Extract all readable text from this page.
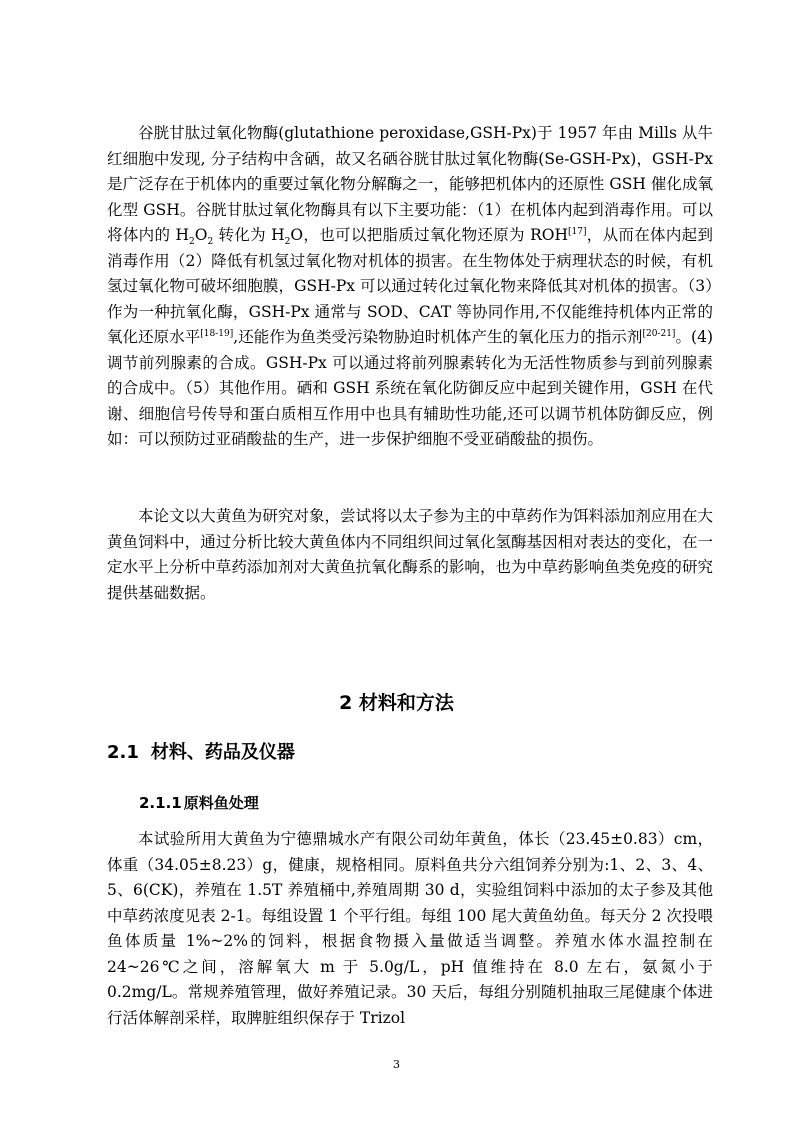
谷胱甘肽过氧化物酶(glutathione peroxidase,GSH-Px)于 1957 年由 Mills 从牛红细胞中发现, 分子结构中含硒，故又名硒谷胱甘肽过氧化物酶(Se-GSH-Px)，GSH-Px 是广泛存在于机体内的重要过氧化物分解酶之一，能够把机体内的还原性 GSH 催化成氧化型 GSH。谷胱甘肽过氧化物酶具有以下主要功能：（1）在机体内起到消毒作用。可以将体内的 $H_2O_2$ 转化为 $H_2O$，也可以把脂质过氧化物还原为 ROH[17]，从而在体内起到消毒作用（2）降低有机氢过氧化物对机体的损害。在生物体处于病理状态的时候，有机氢过氧化物可破坏细胞膜，GSH-Px 可以通过转化过氧化物来降低其对机体的损害。（3）作为一种抗氧化酶，GSH-Px 通常与 SOD、CAT 等协同作用,不仅能维持机体内正常的氧化还原水平[18-19],还能作为鱼类受污染物胁迫时机体产生的氧化压力的指示剂[20-21]。(4)调节前列腺素的合成。GSH-Px 可以通过将前列腺素转化为无活性物质参与到前列腺素的合成中。（5）其他作用。硒和 GSH 系统在氧化防御反应中起到关键作用，GSH 在代谢、细胞信号传导和蛋白质相互作用中也具有辅助性功能,还可以调节机体防御反应，例如：可以预防过亚硝酸盐的生产，进一步保护细胞不受亚硝酸盐的损伤。

本论文以大黄鱼为研究对象，尝试将以太子参为主的中草药作为饵料添加剂应用在大黄鱼饲料中，通过分析比较大黄鱼体内不同组织间过氧化氢酶基因相对表达的变化，在一定水平上分析中草药添加剂对大黄鱼抗氧化酶系的影响，也为中草药影响鱼类免疫的研究提供基础数据。

2 材料和方法
2.1 材料、药品及仪器
2.1.1 原料鱼处理

本试验所用大黄鱼为宁德鼎城水产有限公司幼年黄鱼，体长（23.45±0.83）cm，体重（34.05±8.23）g，健康，规格相同。原料鱼共分六组饲养分别为:1、2、3、4、5、6(CK)，养殖在 1.5T 养殖桶中,养殖周期 30 d，实验组饲料中添加的太子参及其他中草药浓度见表 2-1。每组设置 1 个平行组。每组 100 尾大黄鱼幼鱼。每天分 2 次投喂鱼体质量 1%~2%的饲料，根据食物摄入量做适当调整。养殖水体水温控制在 24~26℃之间，溶解氧大 m 于 5.0g/L，pH 值维持在 8.0 左右，氨氮小于 0.2mg/L。常规养殖管理，做好养殖记录。30 天后，每组分别随机抽取三尾健康个体进行活体解剖采样，取脾脏组织保存于 Trizol

3
